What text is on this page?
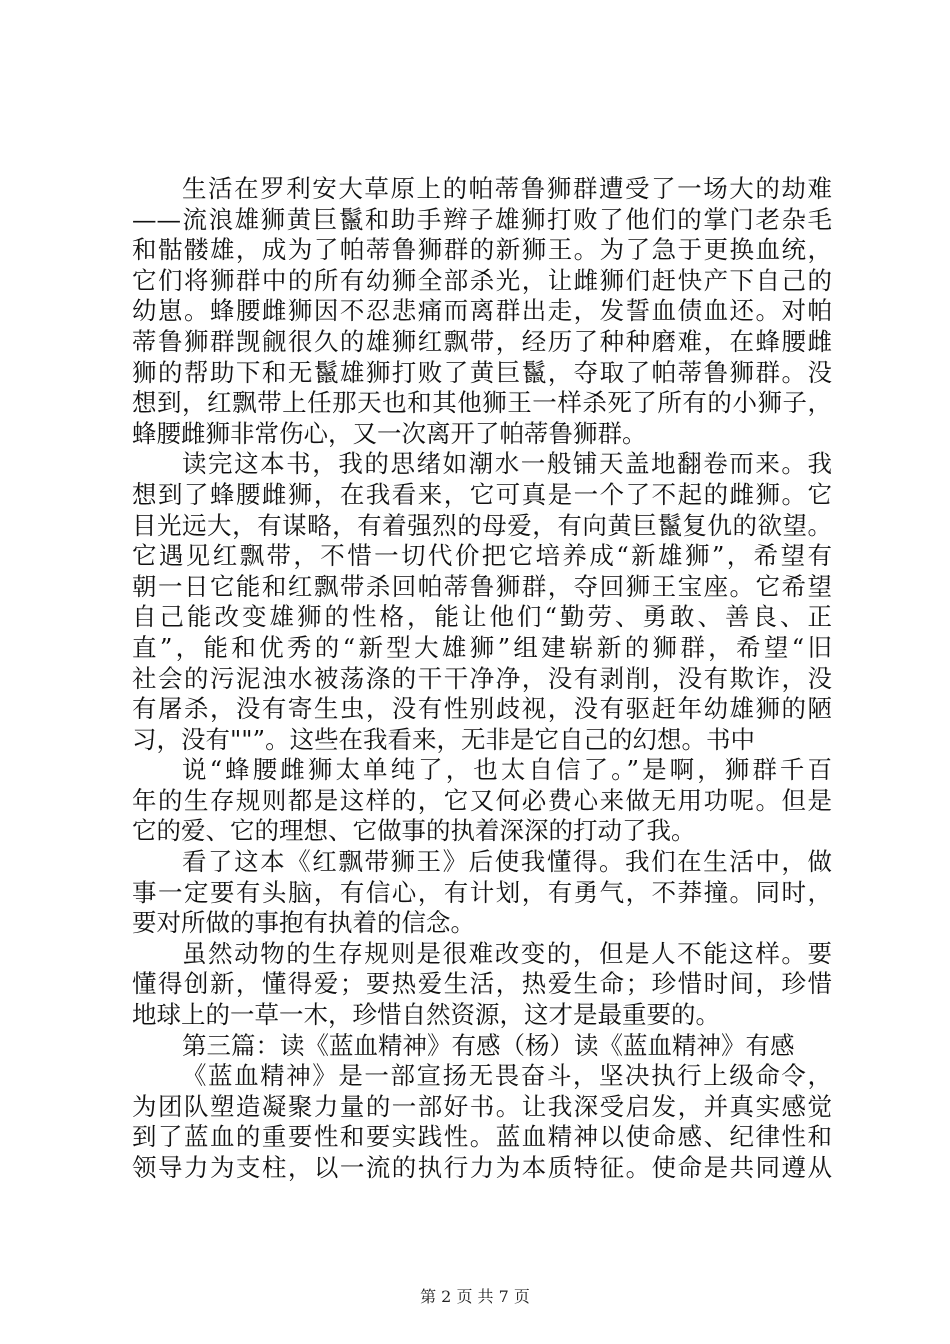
生活在罗利安大草原上的帕蒂鲁狮群遭受了一场大的劫难
——流浪雄狮黄巨鬣和助手辫子雄狮打败了他们的掌门老杂毛
和骷髅雄，成为了帕蒂鲁狮群的新狮王。为了急于更换血统，
它们将狮群中的所有幼狮全部杀光，让雌狮们赶快产下自己的
幼崽。蜂腰雌狮因不忍悲痛而离群出走，发誓血债血还。对帕
蒂鲁狮群觊觎很久的雄狮红飘带，经历了种种磨难，在蜂腰雌
狮的帮助下和无鬣雄狮打败了黄巨鬣，夺取了帕蒂鲁狮群。没
想到，红飘带上任那天也和其他狮王一样杀死了所有的小狮子，
蜂腰雌狮非常伤心，又一次离开了帕蒂鲁狮群。
读完这本书，我的思绪如潮水一般铺天盖地翻卷而来。我
想到了蜂腰雌狮，在我看来，它可真是一个了不起的雌狮。它
目光远大，有谋略，有着强烈的母爱，有向黄巨鬣复仇的欲望。
它遇见红飘带，不惜一切代价把它培养成“新雄狮”，希望有
朝一日它能和红飘带杀回帕蒂鲁狮群，夺回狮王宝座。它希望
自己能改变雄狮的性格，能让他们“勤劳、勇敢、善良、正
直”，能和优秀的“新型大雄狮”组建崭新的狮群，希望“旧
社会的污泥浊水被荡涤的干干净净，没有剥削，没有欺诈，没
有屠杀，没有寄生虫，没有性别歧视，没有驱赶年幼雄狮的陋
习，没有""”。这些在我看来，无非是它自己的幻想。书中
说“蜂腰雌狮太单纯了，也太自信了。”是啊，狮群千百
年的生存规则都是这样的，它又何必费心来做无用功呢。但是
它的爱、它的理想、它做事的执着深深的打动了我。
看了这本《红飘带狮王》后使我懂得。我们在生活中，做
事一定要有头脑，有信心，有计划，有勇气，不莽撞。同时，
要对所做的事抱有执着的信念。
虽然动物的生存规则是很难改变的，但是人不能这样。要
懂得创新，懂得爱；要热爱生活，热爱生命；珍惜时间，珍惜
地球上的一草一木，珍惜自然资源，这才是最重要的。
第三篇：读《蓝血精神》有感（杨）读《蓝血精神》有感
《蓝血精神》是一部宣扬无畏奋斗，坚决执行上级命令，
为团队塑造凝聚力量的一部好书。让我深受启发，并真实感觉
到了蓝血的重要性和要实践性。蓝血精神以使命感、纪律性和
领导力为支柱，以一流的执行力为本质特征。使命是共同遵从
第 2 页 共 7 页
